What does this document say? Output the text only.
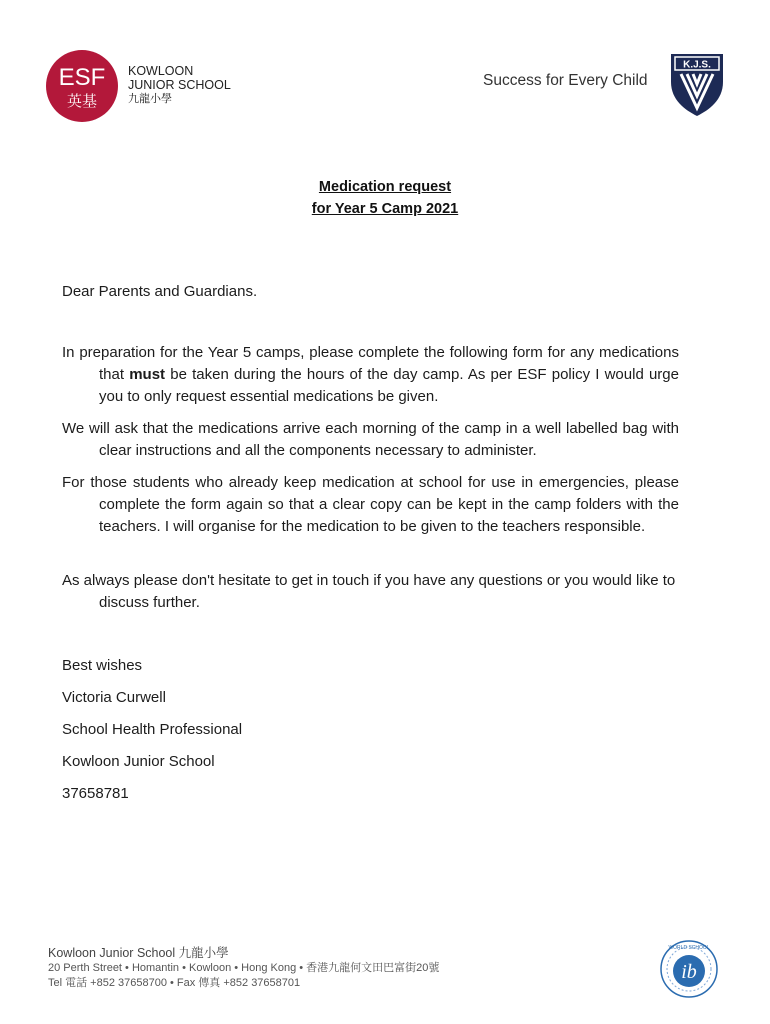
ESF
英基
KOWLOON
JUNIOR SCHOOL
九龍小學
Success for Every Child
K.J.S.
Medication request
for Year 5 Camp 2021
Dear Parents and Guardians.
In preparation for the Year 5 camps, please complete the following form for any medications that must be taken during the hours of the day camp. As per ESF policy I would urge you to only request essential medications be given.
We will ask that the medications arrive each morning of the camp in a well labelled bag with clear instructions and all the components necessary to administer.
For those students who already keep medication at school for use in emergencies, please complete the form again so that a clear copy can be kept in the camp folders with the teachers. I will organise for the medication to be given to the teachers responsible.
As always please don't hesitate to get in touch if you have any questions or you would like to discuss further.
Best wishes
Victoria Curwell
School Health Professional
Kowloon Junior School
37658781
Kowloon Junior School 九龍小學
20 Perth Street • Homantin • Kowloon • Hong Kong • 香港九龍何文田巴富街20號
Tel 電話 +852 37658700 • Fax 傳真 +852 37658701	ib
WORLD SCHOOL
